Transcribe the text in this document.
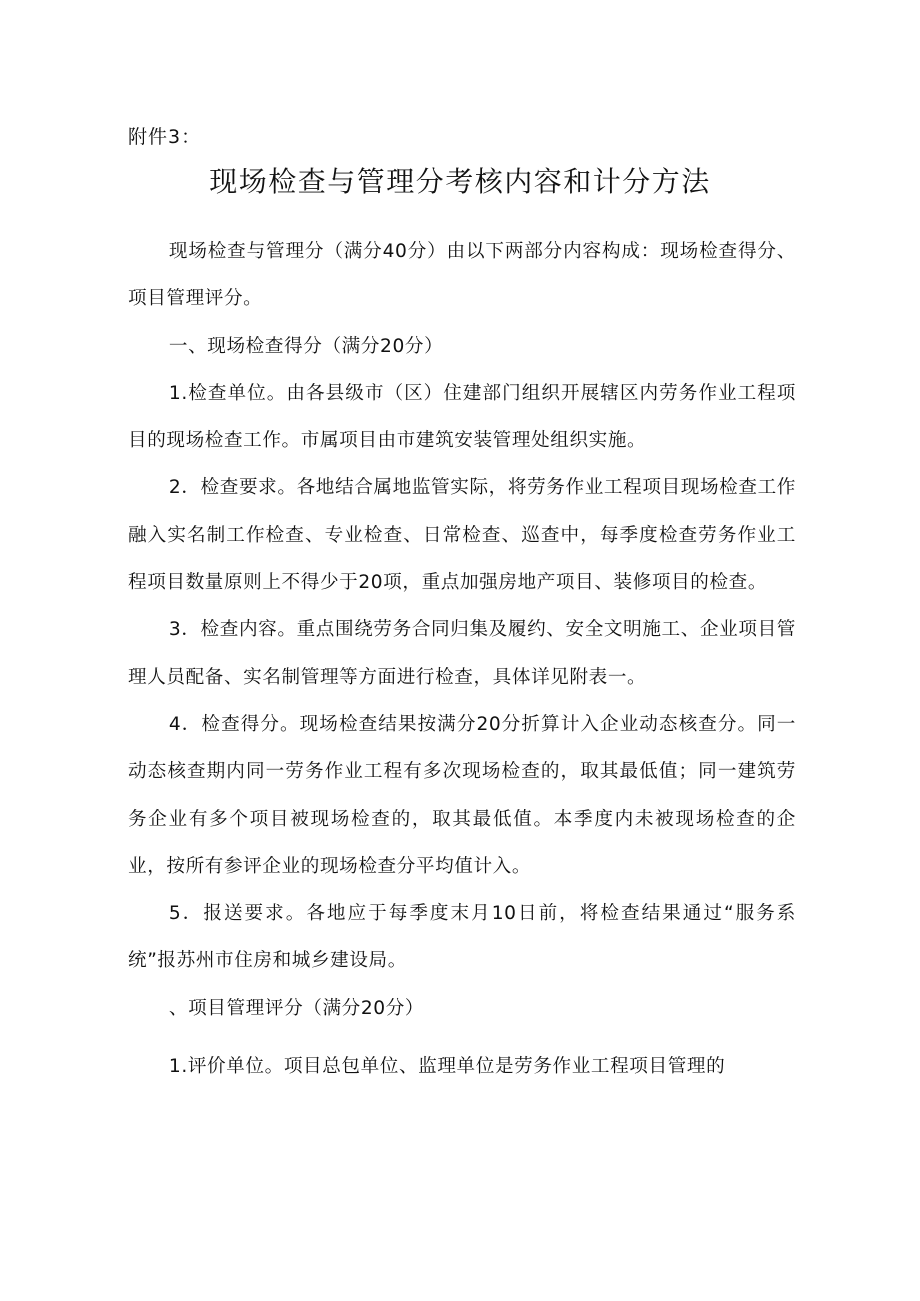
附件3：
现场检查与管理分考核内容和计分方法

现场检查与管理分（满分40分）由以下两部分内容构成：现场检查得分、项目管理评分。

一、现场检查得分（满分20分）

1.检查单位。由各县级市（区）住建部门组织开展辖区内劳务作业工程项目的现场检查工作。市属项目由市建筑安装管理处组织实施。

2．检查要求。各地结合属地监管实际，将劳务作业工程项目现场检查工作融入实名制工作检查、专业检查、日常检查、巡查中，每季度检查劳务作业工程项目数量原则上不得少于20项，重点加强房地产项目、装修项目的检查。

3．检查内容。重点围绕劳务合同归集及履约、安全文明施工、企业项目管理人员配备、实名制管理等方面进行检查，具体详见附表一。

4．检查得分。现场检查结果按满分20分折算计入企业动态核查分。同一动态核查期内同一劳务作业工程有多次现场检查的，取其最低值；同一建筑劳务企业有多个项目被现场检查的，取其最低值。本季度内未被现场检查的企业，按所有参评企业的现场检查分平均值计入。

5．报送要求。各地应于每季度末月10日前，将检查结果通过“服务系统”报苏州市住房和城乡建设局。

、项目管理评分（满分20分）

1.评价单位。项目总包单位、监理单位是劳务作业工程项目管理的
